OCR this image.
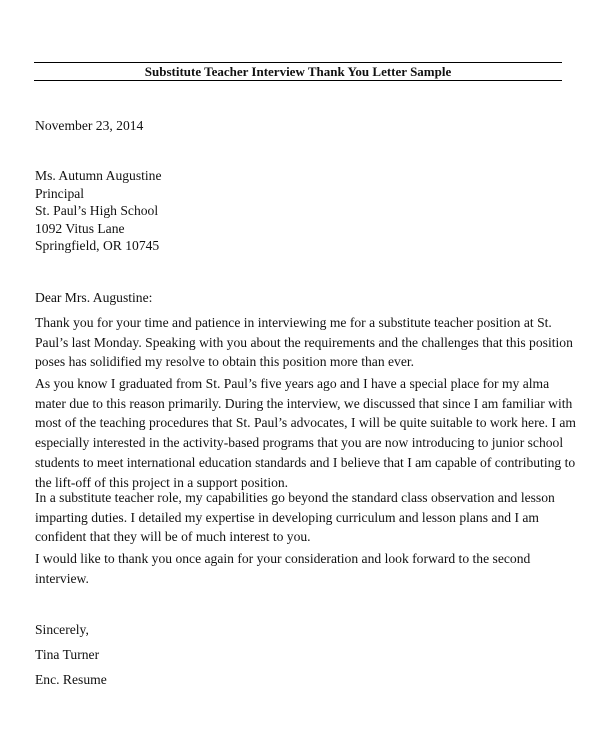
Substitute Teacher Interview Thank You Letter Sample
November 23, 2014
Ms. Autumn Augustine
Principal
St. Paul’s High School
1092 Vitus Lane
Springfield, OR 10745
Dear Mrs. Augustine:
Thank you for your time and patience in interviewing me for a substitute teacher position at St.
Paul’s last Monday. Speaking with you about the requirements and the challenges that this position
poses has solidified my resolve to obtain this position more than ever.
As you know I graduated from St. Paul’s five years ago and I have a special place for my alma
mater due to this reason primarily. During the interview, we discussed that since I am familiar with
most of the teaching procedures that St. Paul’s advocates, I will be quite suitable to work here. I am
especially interested in the activity-based programs that you are now introducing to junior school
students to meet international education standards and I believe that I am capable of contributing to
the lift-off of this project in a support position.
In a substitute teacher role, my capabilities go beyond the standard class observation and lesson
imparting duties. I detailed my expertise in developing curriculum and lesson plans and I am
confident that they will be of much interest to you.
I would like to thank you once again for your consideration and look forward to the second
interview.
Sincerely,
Tina Turner
Enc. Resume
